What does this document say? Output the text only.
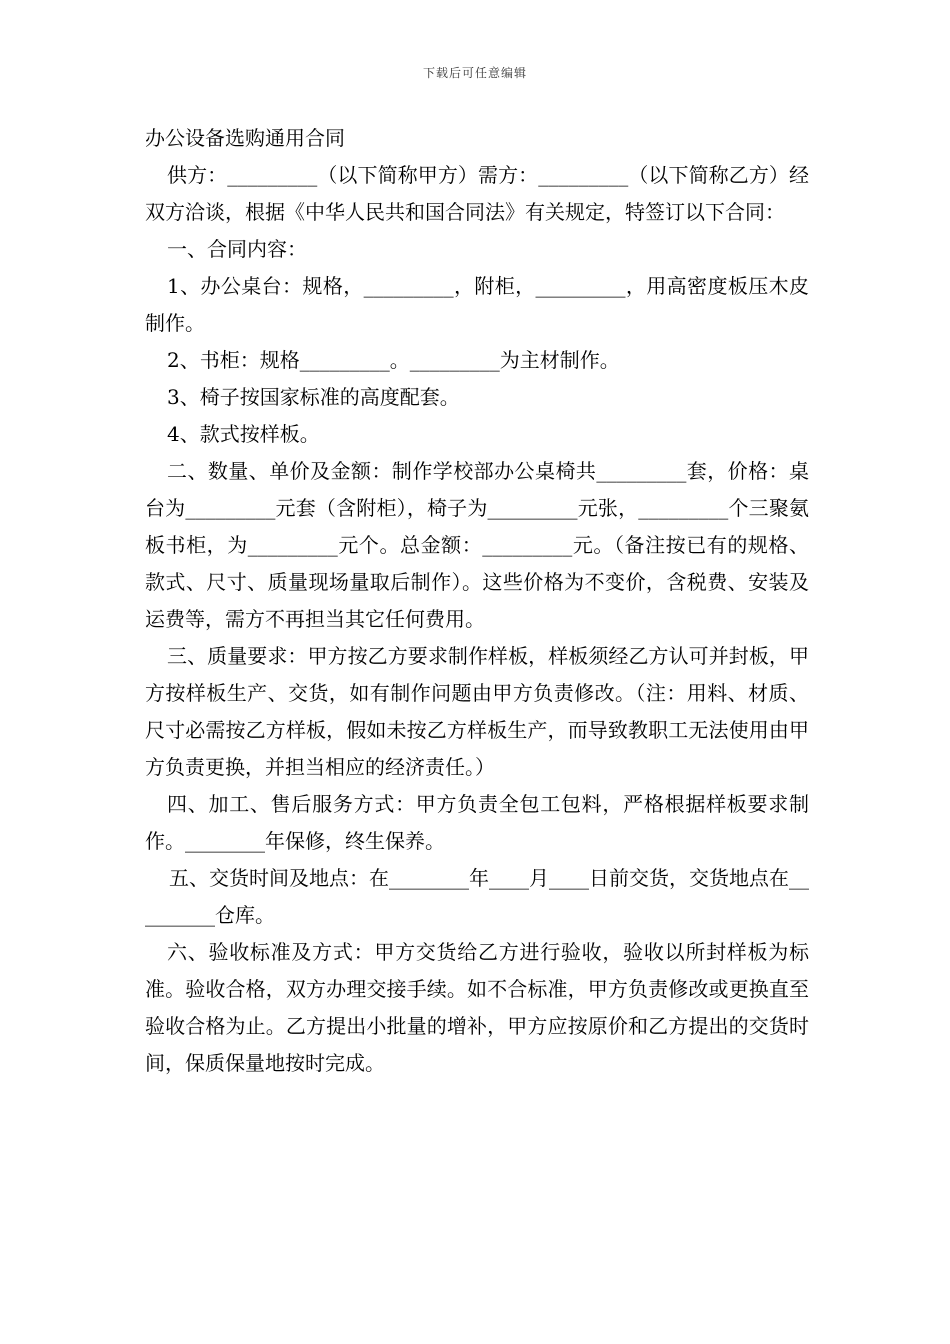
下载后可任意编辑
办公设备选购通用合同

供方：_________（以下简称甲方）需方：_________（以下简称乙方）经双方洽谈，根据《中华人民共和国合同法》有关规定，特签订以下合同：

一、合同内容：

1、办公桌台：规格，_________，附柜，_________，用高密度板压木皮制作。

2、书柜：规格_________。_________为主材制作。

3、椅子按国家标准的高度配套。

4、款式按样板。

二、数量、单价及金额：制作学校部办公桌椅共_________套，价格：桌台为_________元套（含附柜），椅子为_________元张，_________个三聚氨板书柜，为_________元个。总金额：_________元。（备注按已有的规格、款式、尺寸、质量现场量取后制作）。这些价格为不变价，含税费、安装及运费等，需方不再担当其它任何费用。

三、质量要求：甲方按乙方要求制作样板，样板须经乙方认可并封板，甲方按样板生产、交货，如有制作问题由甲方负责修改。（注：用料、材质、尺寸必需按乙方样板，假如未按乙方样板生产，而导致教职工无法使用由甲方负责更换，并担当相应的经济责任。）

四、加工、售后服务方式：甲方负责全包工包料，严格根据样板要求制作。________年保修，终生保养。

五、交货时间及地点：在________年____月____日前交货，交货地点在_________仓库。

六、验收标准及方式：甲方交货给乙方进行验收，验收以所封样板为标准。验收合格，双方办理交接手续。如不合标准，甲方负责修改或更换直至验收合格为止。乙方提出小批量的增补，甲方应按原价和乙方提出的交货时间，保质保量地按时完成。
